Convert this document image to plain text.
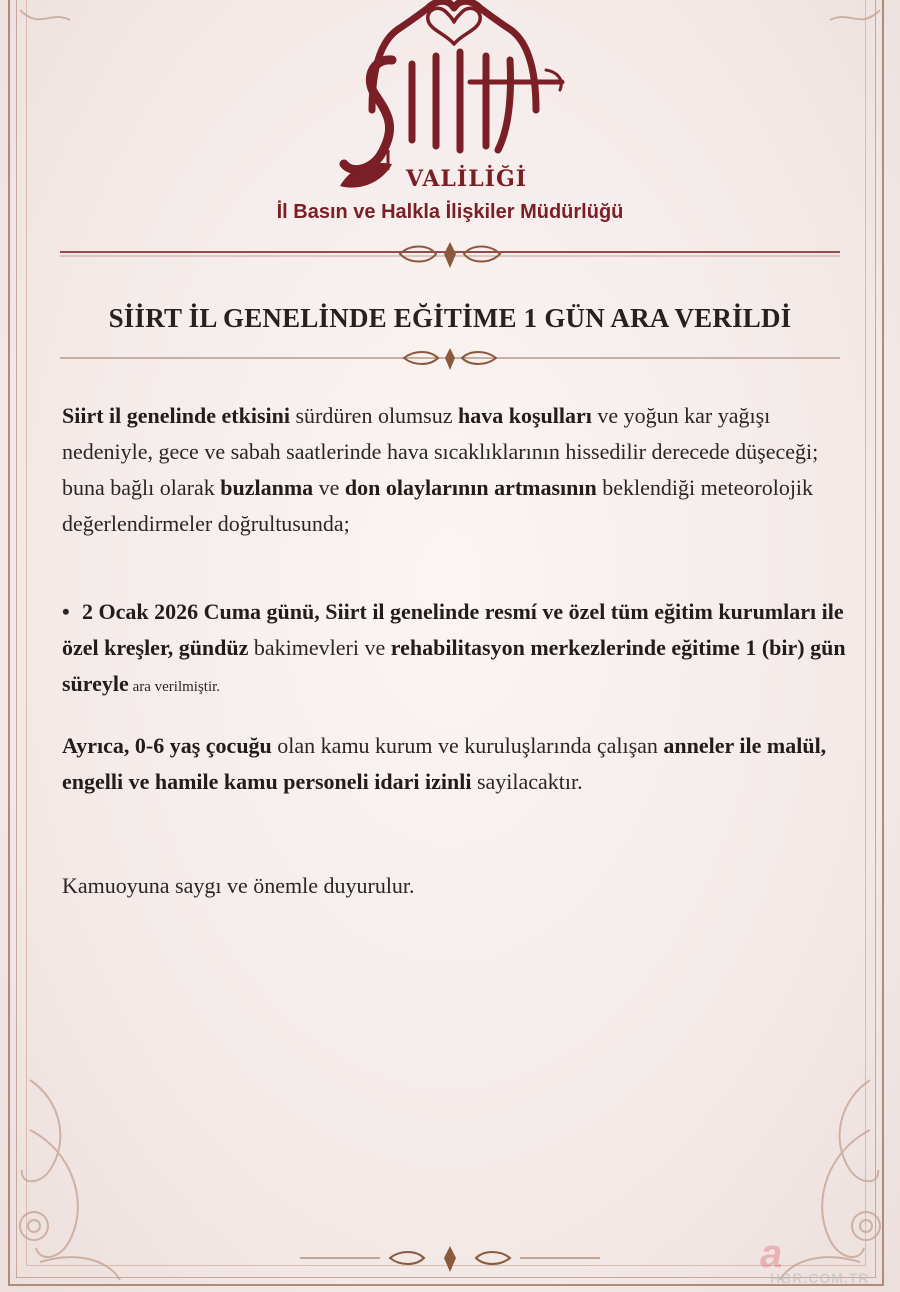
VALİLİĞİ
İl Basın ve Halkla İlişkiler Müdürlüğü
SİİRT İL GENELİNDE EĞİTİME 1 GÜN ARA VERİLDİ
Siirt il genelinde etkisini sürdüren olumsuz hava koşulları ve yoğun kar yağışı nedeniyle, gece ve sabah saatlerinde hava sıcaklıklarının hissedilir derecede düşeceği; buna bağlı olarak buzlanma ve don olaylarının artmasının beklendiği meteorolojik değerlendirmeler doğrultusunda;
• 2 Ocak 2026 Cuma günü, Siirt il genelinde resmí ve özel tüm eğitim kurumları ile özel kreşler, gündüz bakimevleri ve rehabilitasyon merkezlerinde eğitime 1 (bir) gün süreyle ara verilmiştir.
Ayrıca, 0-6 yaş çocuğu olan kamu kurum ve kuruluşlarında çalışan anneler ile malül, engelli ve hamile kamu personeli idari izinli sayilacaktır.
Kamuoyuna saygı ve önemle duyurulur.
a
HBR.COM.TR
